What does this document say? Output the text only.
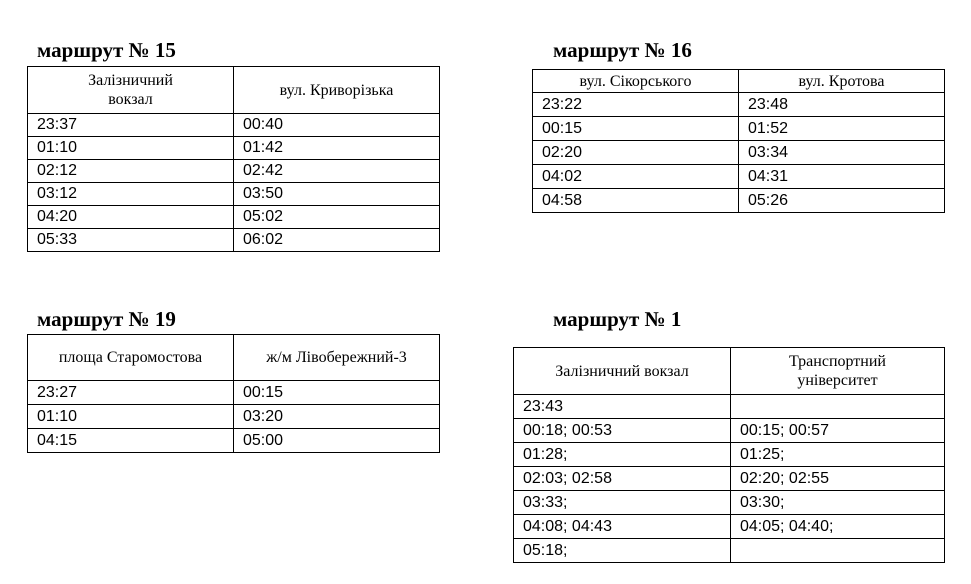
маршрут № 15
Залізничний вокзал	вул. Криворізька
23:37	00:40
01:10	01:42
02:12	02:42
03:12	03:50
04:20	05:02
05:33	06:02
маршрут № 16
вул. Сікорського	вул. Кротова
23:22	23:48
00:15	01:52
02:20	03:34
04:02	04:31
04:58	05:26
маршрут № 19
площа Старомостова	ж/м Лівобережний-3
23:27	00:15
01:10	03:20
04:15	05:00
маршрут № 1
Залізничний вокзал	Транспортний університет
23:43	
00:18; 00:53	00:15; 00:57
01:28;	01:25;
02:03; 02:58	02:20; 02:55
03:33;	03:30;
04:08; 04:43	04:05; 04:40;
05:18;	
